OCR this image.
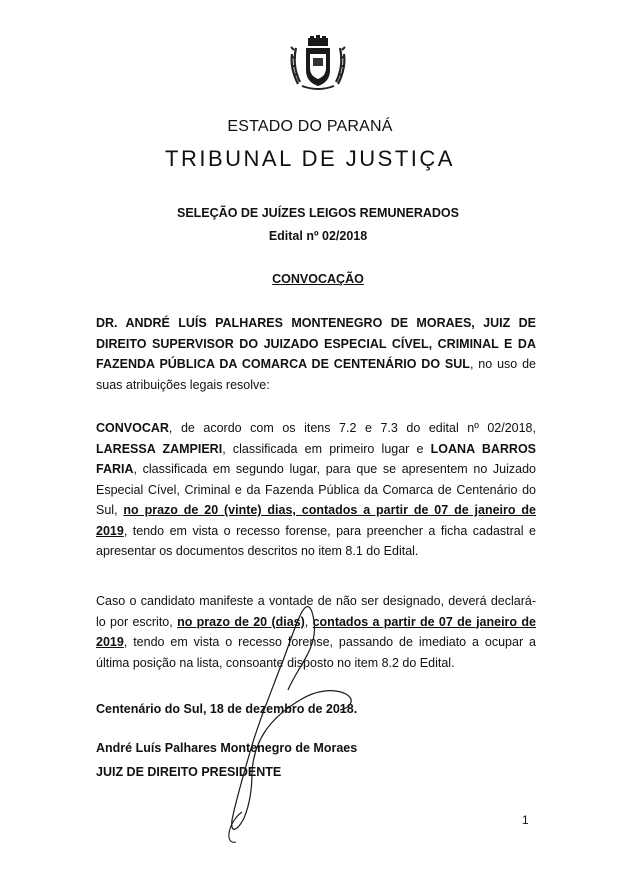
ESTADO DO PARANÁ
TRIBUNAL DE JUSTIÇA
SELEÇÃO DE JUÍZES LEIGOS REMUNERADOS
Edital nº 02/2018
CONVOCAÇÃO
DR. ANDRÉ LUÍS PALHARES MONTENEGRO DE MORAES, JUIZ DE DIREITO SUPERVISOR DO JUIZADO ESPECIAL CÍVEL, CRIMINAL E DA FAZENDA PÚBLICA DA COMARCA DE CENTENÁRIO DO SUL, no uso de suas atribuições legais resolve:
CONVOCAR, de acordo com os itens 7.2 e 7.3 do edital nº 02/2018, LARESSA ZAMPIERI, classificada em primeiro lugar e LOANA BARROS FARIA, classificada em segundo lugar, para que se apresentem no Juizado Especial Cível, Criminal e da Fazenda Pública da Comarca de Centenário do Sul, no prazo de 20 (vinte) dias, contados a partir de 07 de janeiro de 2019, tendo em vista o recesso forense, para preencher a ficha cadastral e apresentar os documentos descritos no item 8.1 do Edital.
Caso o candidato manifeste a vontade de não ser designado, deverá declará-lo por escrito, no prazo de 20 (dias), contados a partir de 07 de janeiro de 2019, tendo em vista o recesso forense, passando de imediato a ocupar a última posição na lista, consoante disposto no item 8.2 do Edital.
Centenário do Sul, 18 de dezembro de 2018.
André Luís Palhares Montenegro de Moraes
JUIZ DE DIREITO PRESIDENTE
1
